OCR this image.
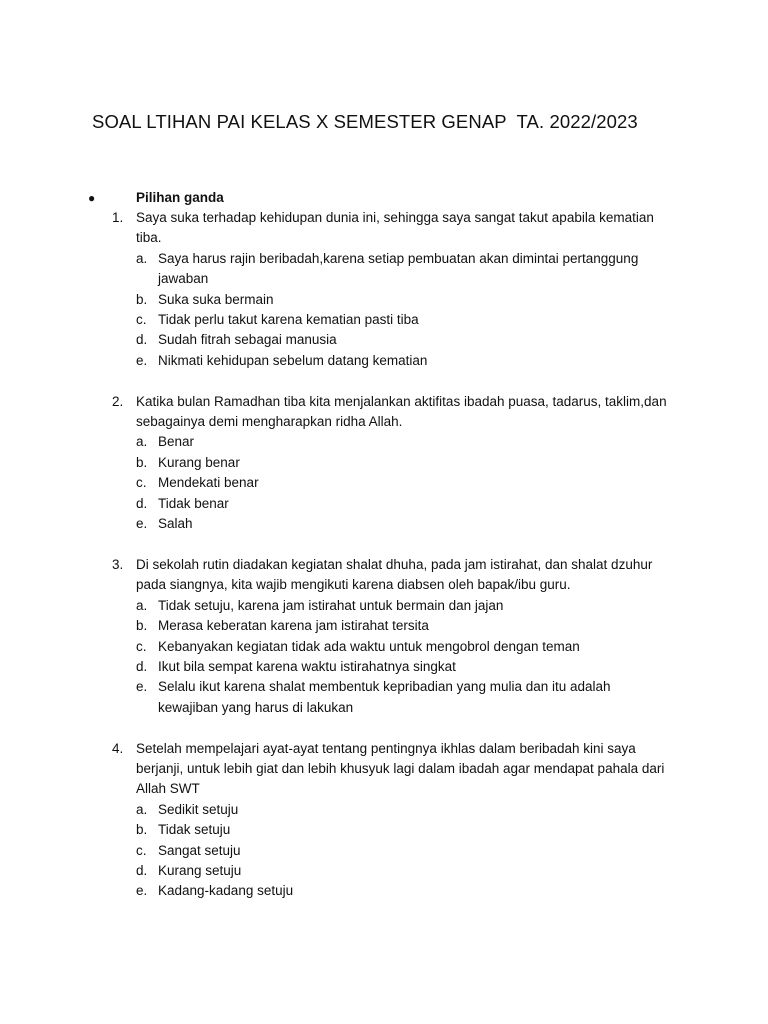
SOAL LTIHAN PAI KELAS X SEMESTER GENAP  TA. 2022/2023
●	Pilihan ganda
1. Saya suka terhadap kehidupan dunia ini, sehingga saya sangat takut apabila kematian
tiba.
a. Saya harus rajin beribadah,karena setiap pembuatan akan dimintai pertanggung
jawaban
b. Suka suka bermain
c. Tidak perlu takut karena kematian pasti tiba
d. Sudah fitrah sebagai manusia
e. Nikmati kehidupan sebelum datang kematian
2. Katika bulan Ramadhan tiba kita menjalankan aktifitas ibadah puasa, tadarus, taklim,dan
sebagainya demi mengharapkan ridha Allah.
a. Benar
b. Kurang benar
c. Mendekati benar
d. Tidak benar
e. Salah
3. Di sekolah rutin diadakan kegiatan shalat dhuha, pada jam istirahat, dan shalat dzuhur
pada siangnya, kita wajib mengikuti karena diabsen oleh bapak/ibu guru.
a. Tidak setuju, karena jam istirahat untuk bermain dan jajan
b. Merasa keberatan karena jam istirahat tersita
c. Kebanyakan kegiatan tidak ada waktu untuk mengobrol dengan teman
d. Ikut bila sempat karena waktu istirahatnya singkat
e. Selalu ikut karena shalat membentuk kepribadian yang mulia dan itu adalah
kewajiban yang harus di lakukan
4. Setelah mempelajari ayat-ayat tentang pentingnya ikhlas dalam beribadah kini saya
berjanji, untuk lebih giat dan lebih khusyuk lagi dalam ibadah agar mendapat pahala dari
Allah SWT
a. Sedikit setuju
b. Tidak setuju
c. Sangat setuju
d. Kurang setuju
e. Kadang-kadang setuju
